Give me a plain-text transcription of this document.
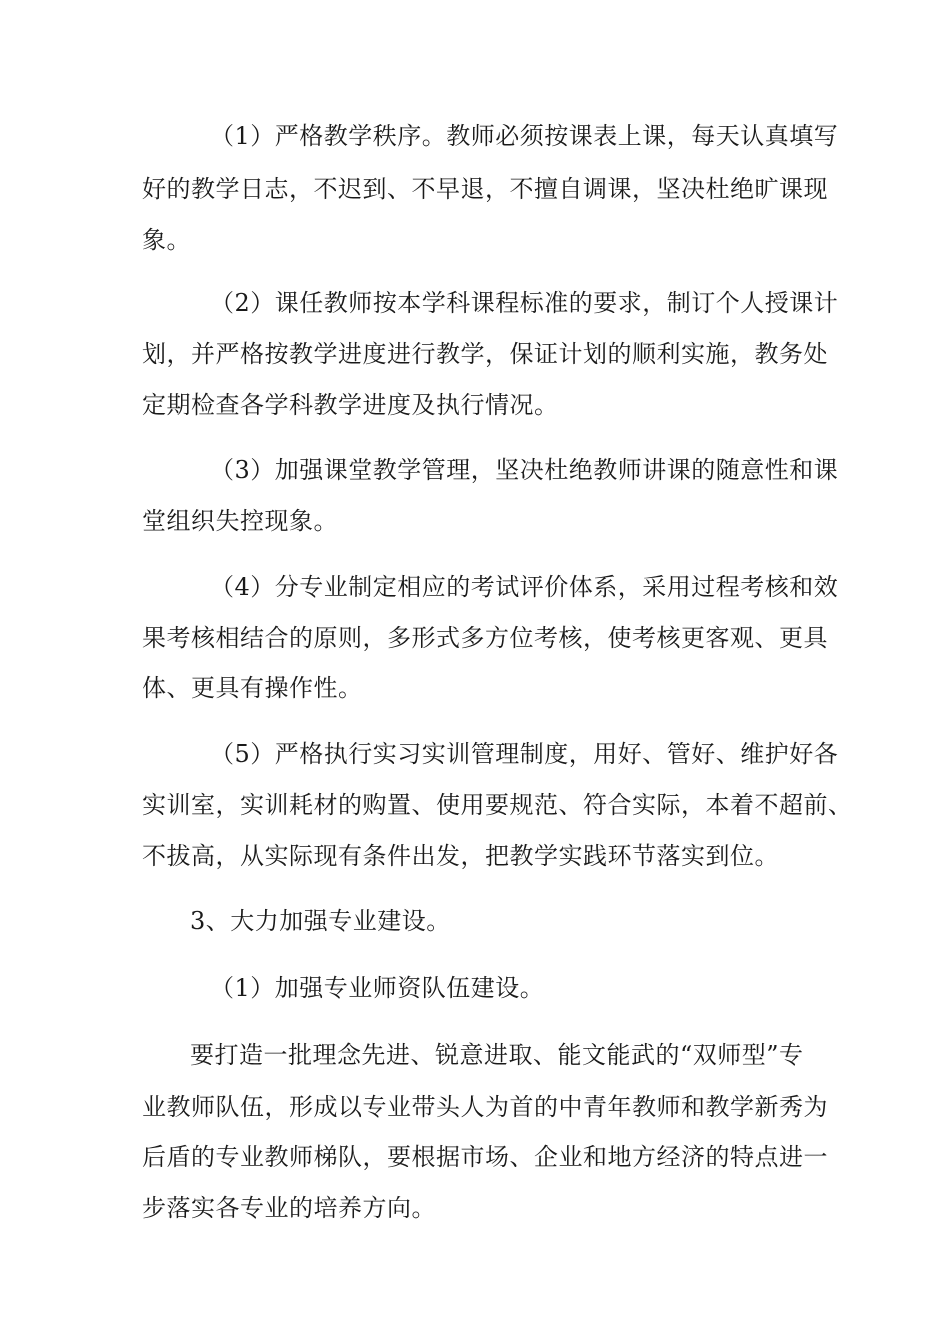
（1）严格教学秩序。教师必须按课表上课，每天认真填写
好的教学日志，不迟到、不早退，不擅自调课，坚决杜绝旷课现
象。
（2）课任教师按本学科课程标准的要求，制订个人授课计
划，并严格按教学进度进行教学，保证计划的顺利实施，教务处
定期检查各学科教学进度及执行情况。
（3）加强课堂教学管理，坚决杜绝教师讲课的随意性和课
堂组织失控现象。
（4）分专业制定相应的考试评价体系，采用过程考核和效
果考核相结合的原则，多形式多方位考核，使考核更客观、更具
体、更具有操作性。
（5）严格执行实习实训管理制度，用好、管好、维护好各
实训室，实训耗材的购置、使用要规范、符合实际，本着不超前、
不拔高，从实际现有条件出发，把教学实践环节落实到位。
3、大力加强专业建设。
（1）加强专业师资队伍建设。
要打造一批理念先进、锐意进取、能文能武的“双师型”专
业教师队伍，形成以专业带头人为首的中青年教师和教学新秀为
后盾的专业教师梯队，要根据市场、企业和地方经济的特点进一
步落实各专业的培养方向。
